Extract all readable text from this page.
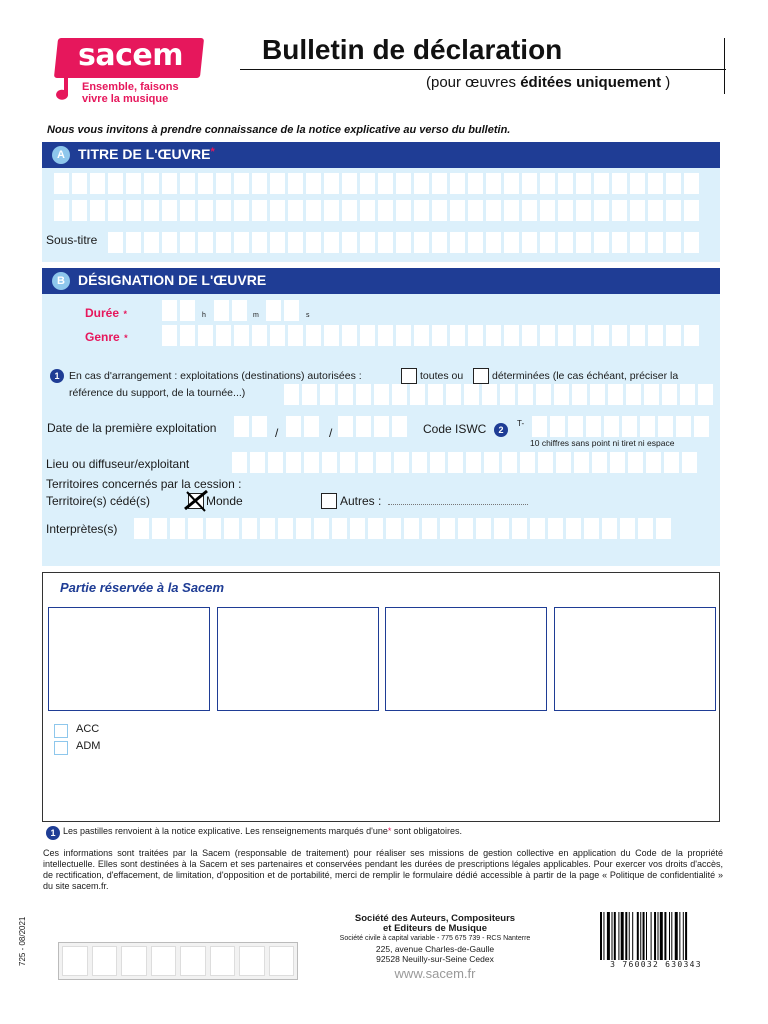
sacem
Ensemble, faisons
vivre la musique
Bulletin de déclaration
(pour œuvres éditées uniquement )
Nous vous invitons à prendre connaissance de la notice explicative au verso du bulletin.
A TITRE DE L'ŒUVRE*
Sous-titre
B DÉSIGNATION DE L'ŒUVRE
Durée *	h	m	s
Genre *
1 En cas d'arrangement : exploitations (destinations) autorisées :	toutes ou	déterminées (le cas échéant, préciser la
référence du support, de la tournée...)
Date de la première exploitation	/	/	Code ISWC	2
T-
10 chiffres sans point ni tiret ni espace
Lieu ou diffuseur/exploitant
Territoires concernés par la cession :
Territoire(s) cédé(s)	Monde	Autres :
Interprètes(s)
Partie réservée à la Sacem
ACC
ADM
1 Les pastilles renvoient à la notice explicative. Les renseignements marqués d'une* sont obligatoires.
Ces informations sont traitées par la Sacem (responsable de traitement) pour réaliser ses missions de gestion collective en application du Code de la propriété intellectuelle. Elles sont destinées à la Sacem et ses partenaires et conservées pendant les durées de prescriptions légales applicables. Pour exercer vos droits d'accès, de rectification, d'effacement, de limitation, d'opposition et de portabilité, merci de remplir le formulaire dédié accessible à partir de la page « Politique de confidentialité » du site sacem.fr.
Société des Auteurs, Compositeurs
et Editeurs de Musique
Société civile à capital variable - 775 675 739 - RCS Nanterre
225, avenue Charles-de-Gaulle
92528 Neuilly-sur-Seine Cedex
www.sacem.fr
3 760032 630343
725 - 08/2021
